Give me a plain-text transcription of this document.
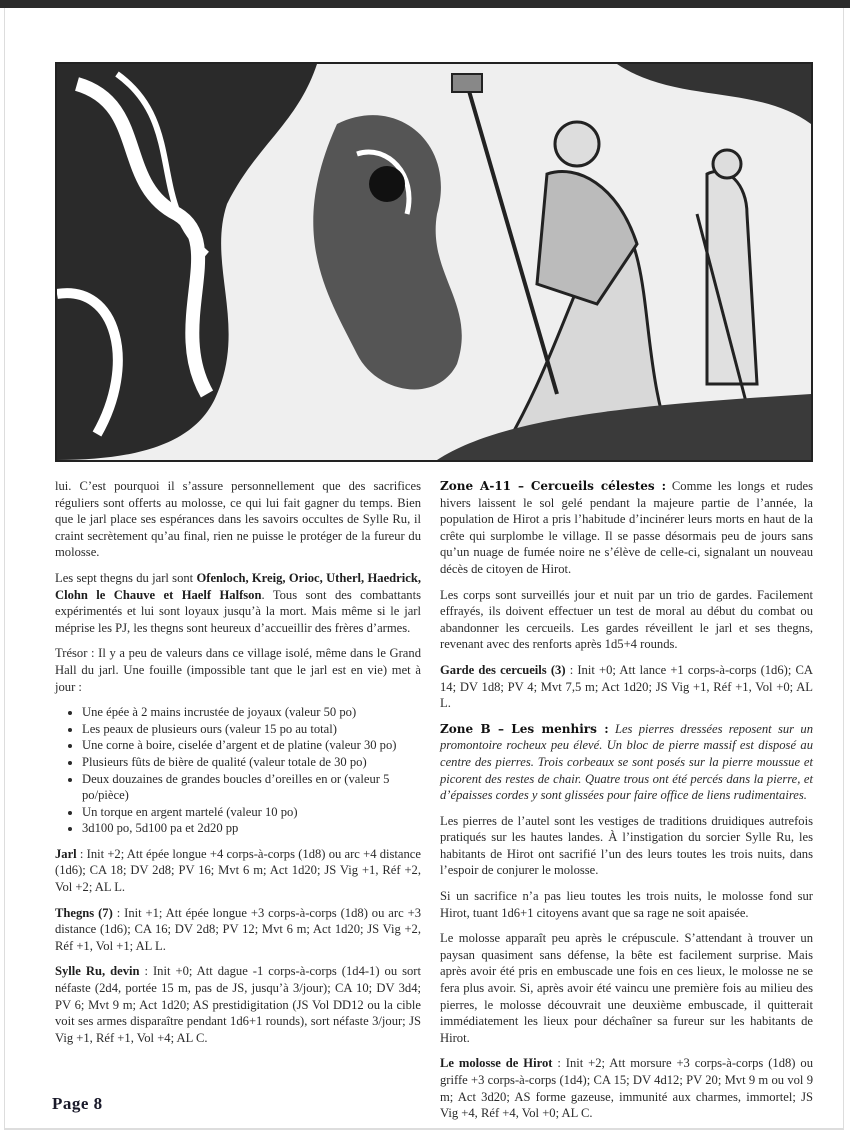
lui. C’est pourquoi il s’assure personnellement que des sacrifices réguliers sont offerts au molosse, ce qui lui fait gagner du temps. Bien que le jarl place ses espérances dans les savoirs occultes de Sylle Ru, il craint secrètement qu’au final, rien ne puisse le protéger de la fureur du molosse.

Les sept thegns du jarl sont Ofenloch, Kreig, Orioc, Utherl, Haedrick, Clohn le Chauve et Haelf Halfson. Tous sont des combattants expérimentés et lui sont loyaux jusqu’à la mort. Mais même si le jarl méprise les PJ, les thegns sont heureux d’accueillir des frères d’armes.

Trésor : Il y a peu de valeurs dans ce village isolé, même dans le Grand Hall du jarl. Une fouille (impossible tant que le jarl est en vie) met à jour :

• Une épée à 2 mains incrustée de joyaux (valeur 50 po)
• Les peaux de plusieurs ours (valeur 15 po au total)
• Une corne à boire, ciselée d’argent et de platine (valeur 30 po)
• Plusieurs fûts de bière de qualité (valeur totale de 30 po)
• Deux douzaines de grandes boucles d’oreilles en or (valeur 5 po/pièce)
• Un torque en argent martelé (valeur 10 po)
• 3d100 po, 5d100 pa et 2d20 pp

Jarl : Init +2; Att épée longue +4 corps-à-corps (1d8) ou arc +4 distance (1d6); CA 18; DV 2d8; PV 16; Mvt 6 m; Act 1d20; JS Vig +1, Réf +2, Vol +2; AL L.

Thegns (7) : Init +1; Att épée longue +3 corps-à-corps (1d8) ou arc +3 distance (1d6); CA 16; DV 2d8; PV 12; Mvt 6 m; Act 1d20; JS Vig +2, Réf +1, Vol +1; AL L.

Sylle Ru, devin : Init +0; Att dague -1 corps-à-corps (1d4-1) ou sort néfaste (2d4, portée 15 m, pas de JS, jusqu’à 3/jour); CA 10; DV 3d4; PV 6; Mvt 9 m; Act 1d20; AS prestidigitation (JS Vol DD12 ou la cible voit ses armes disparaître pendant 1d6+1 rounds), sort néfaste 3/jour; JS Vig +1, Réf +1, Vol +4; AL C.

Zone A-11 – Cercueils célestes : Comme les longs et rudes hivers laissent le sol gelé pendant la majeure partie de l’année, la population de Hirot a pris l’habitude d’incinérer leurs morts en haut de la crête qui surplombe le village. Il se passe désormais peu de jours sans qu’un nuage de fumée noire ne s’élève de celle-ci, signalant un nouveau décès de citoyen de Hirot.

Les corps sont surveillés jour et nuit par un trio de gardes. Facilement effrayés, ils doivent effectuer un test de moral au début du combat ou abandonner les cercueils. Les gardes réveillent le jarl et ses thegns, revenant avec des renforts après 1d5+4 rounds.

Garde des cercueils (3) : Init +0; Att lance +1 corps-à-corps (1d6); CA 14; DV 1d8; PV 4; Mvt 7,5 m; Act 1d20; JS Vig +1, Réf +1, Vol +0; AL L.

Zone B – Les menhirs : Les pierres dressées reposent sur un promontoire rocheux peu élevé. Un bloc de pierre massif est disposé au centre des pierres. Trois corbeaux se sont posés sur la pierre moussue et picorent des restes de chair. Quatre trous ont été percés dans la pierre, et d’épaisses cordes y sont glissées pour faire office de liens rudimentaires.

Les pierres de l’autel sont les vestiges de traditions druidiques autrefois pratiqués sur les hautes landes. À l’instigation du sorcier Sylle Ru, les habitants de Hirot ont sacrifié l’un des leurs toutes les trois nuits, dans l’espoir de conjurer le molosse.

Si un sacrifice n’a pas lieu toutes les trois nuits, le molosse fond sur Hirot, tuant 1d6+1 citoyens avant que sa rage ne soit apaisée.

Le molosse apparaît peu après le crépuscule. S’attendant à trouver un paysan quasiment sans défense, la bête est facilement surprise. Mais après avoir été pris en embuscade une fois en ces lieux, le molosse ne se fera plus avoir. Si, après avoir été vaincu une première fois au milieu des pierres, le molosse découvrait une deuxième embuscade, il quitterait immédiatement les lieux pour déchaîner sa fureur sur les habitants de Hirot.

Le molosse de Hirot : Init +2; Att morsure +3 corps-à-corps (1d8) ou griffe +3 corps-à-corps (1d4); CA 15; DV 4d12; PV 20; Mvt 9 m ou vol 9 m; Act 3d20; AS forme gazeuse, immunité aux charmes, immortel; JS Vig +4, Réf +4, Vol +0; AL C.

Page 8
